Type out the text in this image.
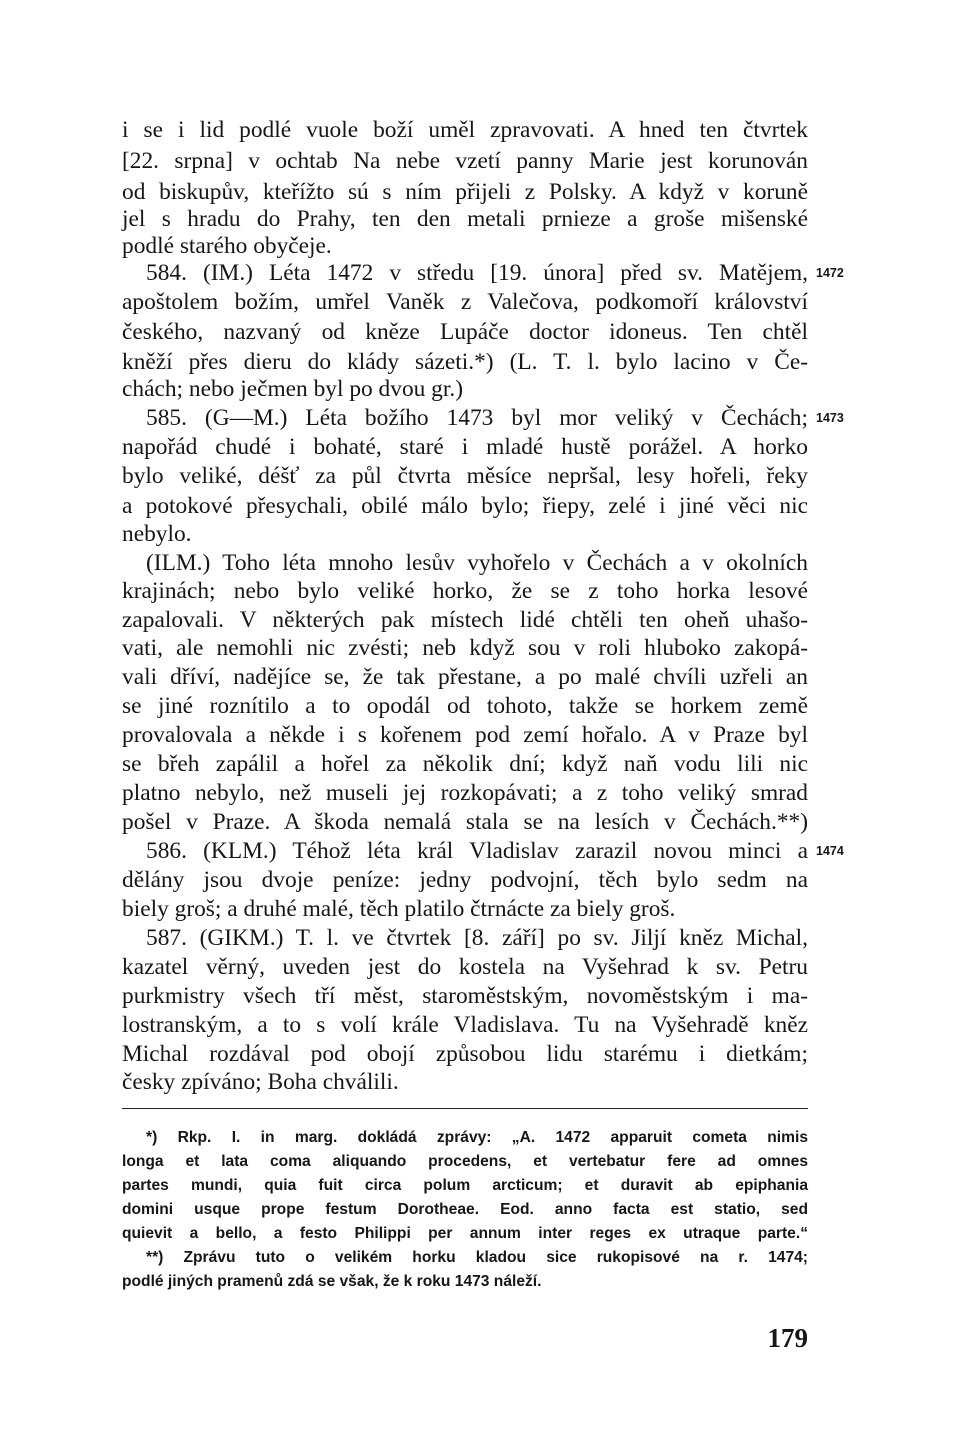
i se i lid podlé vuole boží uměl zpravovati. A hned ten čtvrtek
[22. srpna] v ochtab Na nebe vzetí panny Marie jest korunován
od biskupův, kteřížto sú s ním přijeli z Polsky. A když v koruně
jel s hradu do Prahy, ten den metali prnieze a groše mišenské
podlé starého obyčeje.
584. (IM.) Léta 1472 v středu [19. února] před sv. Matějem, 1472
apoštolem božím, umřel Vaněk z Valečova, podkomoří království
českého, nazvaný od kněze Lupáče doctor idoneus. Ten chtěl
kněží přes dieru do klády sázeti.*) (L. T. l. bylo lacino v Če-
chách; nebo ječmen byl po dvou gr.)
585. (G—M.) Léta božího 1473 byl mor veliký v Čechách; 1473
napořád chudé i bohaté, staré i mladé hustě porážel. A horko
bylo veliké, déšť za půl čtvrta měsíce nepršal, lesy hořeli, řeky
a potokové přesychali, obilé málo bylo; řiepy, zelé i jiné věci nic
nebylo.
(ILM.) Toho léta mnoho lesův vyhořelo v Čechách a v okolních
krajinách; nebo bylo veliké horko, že se z toho horka lesové
zapalovali. V některých pak místech lidé chtěli ten oheň uhašo-
vati, ale nemohli nic zvésti; neb když sou v roli hluboko zakopá-
vali dříví, nadějíce se, že tak přestane, a po malé chvíli uzřeli an
se jiné roznítilo a to opodál od tohoto, takže se horkem země
provalovala a někde i s kořenem pod zemí hořalo. A v Praze byl
se břeh zapálil a hořel za několik dní; když naň vodu lili nic
platno nebylo, než museli jej rozkopávati; a z toho veliký smrad
pošel v Praze. A škoda nemalá stala se na lesích v Čechách.**)
586. (KLM.) Téhož léta král Vladislav zarazil novou minci a 1474
dělány jsou dvoje peníze: jedny podvojní, těch bylo sedm na
biely groš; a druhé malé, těch platilo čtrnácte za biely groš.
587. (GIKM.) T. l. ve čtvrtek [8. září] po sv. Jiljí kněz Michal,
kazatel věrný, uveden jest do kostela na Vyšehrad k sv. Petru
purkmistry všech tří měst, staroměstským, novoměstským i ma-
lostranským, a to s volí krále Vladislava. Tu na Vyšehradě kněz
Michal rozdával pod obojí způsobou lidu starému i dietkám;
česky zpíváno; Boha chválili.
*) Rkp. I. in marg. dokládá zprávy: „A. 1472 apparuit cometa nimis
longa et lata coma aliquando procedens, et vertebatur fere ad omnes
partes mundi, quia fuit circa polum arcticum; et duravit ab epiphania
domini usque prope festum Dorotheae. Eod. anno facta est statio, sed
quievit a bello, a festo Philippi per annum inter reges ex utraque parte.“
**) Zprávu tuto o velikém horku kladou sice rukopisové na r. 1474;
podlé jiných pramenů zdá se však, že k roku 1473 náleží.
179
